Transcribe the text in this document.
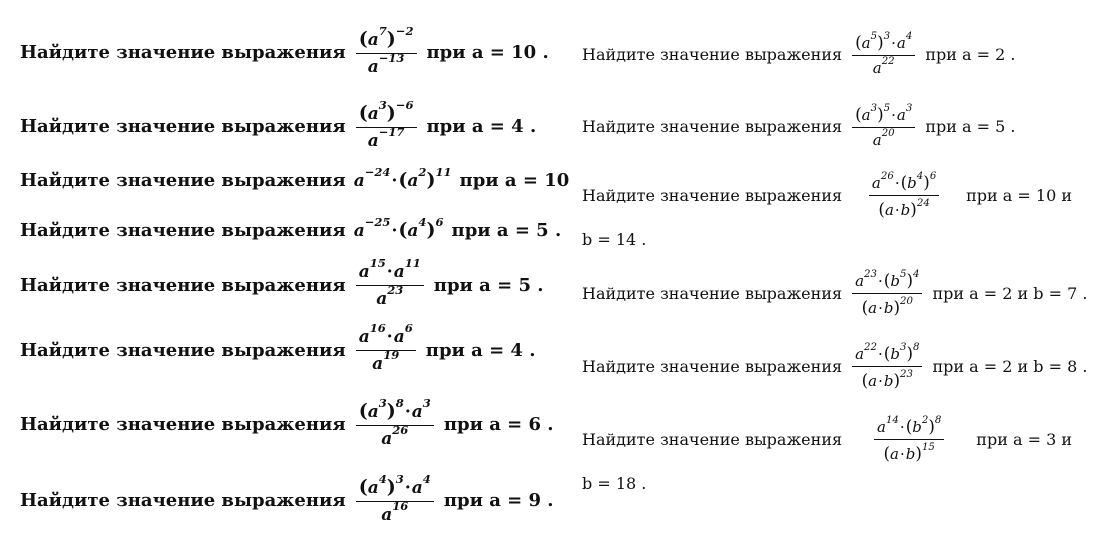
Найдите значение выражения $\frac{(a^7)^{-2}}{a^{-13}}$ при a = 10 .
Найдите значение выражения $\frac{(a^3)^{-6}}{a^{-17}}$ при a = 4 .
Найдите значение выражения $a^{-24}\cdot(a^2)^{11}$ при a = 10
Найдите значение выражения $a^{-25}\cdot(a^4)^6$ при a = 5 .
Найдите значение выражения $\frac{a^{15}\cdot a^{11}}{a^{23}}$ при a = 5 .
Найдите значение выражения $\frac{a^{16}\cdot a^6}{a^{19}}$ при a = 4 .
Найдите значение выражения $\frac{(a^3)^8\cdot a^3}{a^{26}}$ при a = 6 .
Найдите значение выражения $\frac{(a^4)^3\cdot a^4}{a^{16}}$ при a = 9 .
Найдите значение выражения $\frac{(a^5)^3\cdot a^4}{a^{22}}$ при a = 2 .
Найдите значение выражения $\frac{(a^3)^5\cdot a^3}{a^{20}}$ при a = 5 .
Найдите значение выражения $\frac{a^{26}\cdot(b^4)^6}{(a\cdot b)^{24}}$ при a = 10 и
b = 14 .
Найдите значение выражения $\frac{a^{23}\cdot(b^5)^4}{(a\cdot b)^{20}}$ при a = 2 и b = 7 .
Найдите значение выражения $\frac{a^{22}\cdot(b^3)^8}{(a\cdot b)^{23}}$ при a = 2 и b = 8 .
Найдите значение выражения $\frac{a^{14}\cdot(b^2)^8}{(a\cdot b)^{15}}$ при a = 3 и
b = 18 .
